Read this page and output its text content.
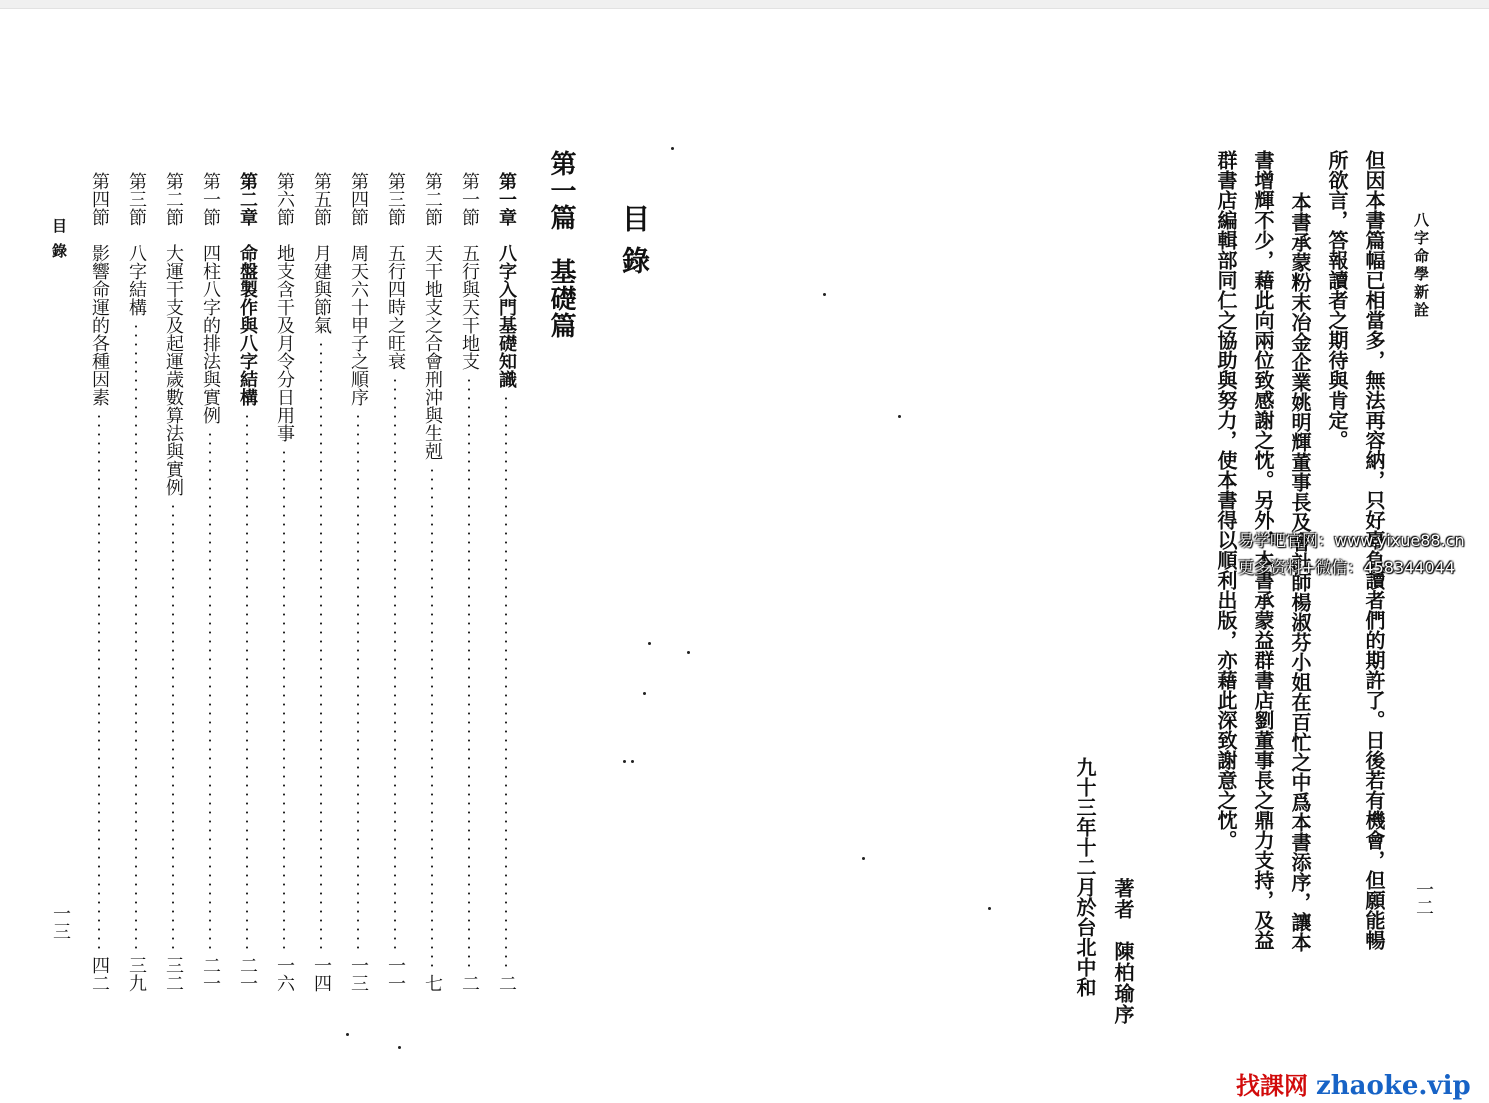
八字命學新詮
一二
但因本書篇幅已相當多，無法再容納，只好辜負讀者們的期許了。日後若有機會，但願能暢
所欲言，答報讀者之期待與肯定。
本書承蒙粉末冶金企業姚明輝董事長及會計師楊淑芬小姐在百忙之中爲本書添序，讓本
書增輝不少，藉此向兩位致感謝之忱。另外，本書承蒙益群書店劉董事長之鼎力支持，及益
群書店編輯部同仁之協助與努力，使本書得以順利出版，亦藉此深致謝意之忱。
著者　陳柏瑜序
九十三年十二月於台北中和
目錄
第一篇　基礎篇
第一章　八字入門基礎知識
二
第一節　五行與天干地支
二
第二節　天干地支之合會刑沖與生剋
七
第三節　五行四時之旺衰
一一
第四節　周天六十甲子之順序
一三
第五節　月建與節氣
一四
第六節　地支含干及月令分日用事
一六
第二章　命盤製作與八字結構
二一
第一節　四柱八字的排法與實例
二一
第二節　大運干支及起運歲數算法與實例
三二
第三節　八字結構
三九
第四節　影響命運的各種因素
四二
目錄
一三
易学吧官网：www.yixue88.cn
更多资料+微信：458344044
找課网 zhaoke.vip
